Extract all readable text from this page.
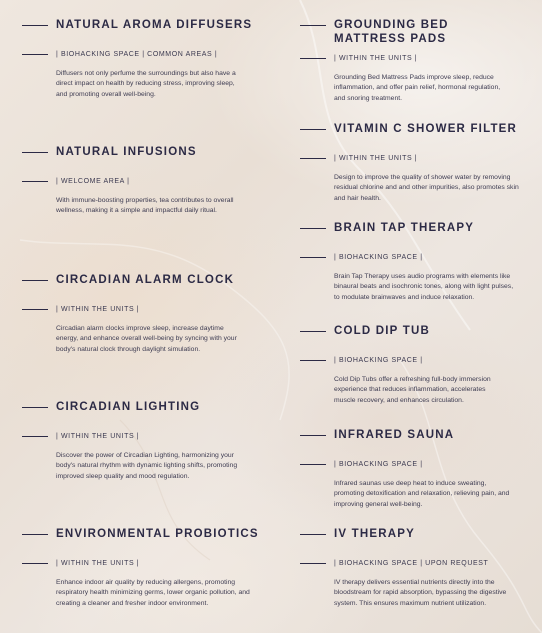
NATURAL AROMA DIFFUSERS
| BIOHACKING SPACE | COMMON AREAS |
Diffusers not only perfume the surroundings but also have a direct impact on health by reducing stress, improving sleep, and promoting overall well-being.
NATURAL INFUSIONS
| WELCOME AREA |
With immune-boosting properties, tea contributes to overall wellness, making it a simple and impactful daily ritual.
CIRCADIAN ALARM CLOCK
| WITHIN THE UNITS |
Circadian alarm clocks improve sleep, increase daytime energy, and enhance overall well-being by syncing with your body's natural clock through daylight simulation.
CIRCADIAN LIGHTING
| WITHIN THE UNITS |
Discover the power of Circadian Lighting, harmonizing your body's natural rhythm with dynamic lighting shifts, promoting improved sleep quality and mood regulation.
ENVIRONMENTAL PROBIOTICS
| WITHIN THE UNITS |
Enhance indoor air quality by reducing allergens, promoting respiratory health minimizing germs, lower organic pollution, and creating a cleaner and fresher indoor environment.
GROUNDING BED
MATTRESS PADS
| WITHIN THE UNITS |
Grounding Bed Mattress Pads improve sleep, reduce inflammation, and offer pain relief, hormonal regulation, and snoring treatment.
VITAMIN C SHOWER FILTER
| WITHIN THE UNITS |
Design to improve the quality of shower water by removing residual chlorine and and other impurities, also promotes skin and hair health.
BRAIN TAP THERAPY
| BIOHACKING SPACE |
Brain Tap Therapy uses audio programs with elements like binaural beats and isochronic tones, along with light pulses, to modulate brainwaves and induce relaxation.
COLD DIP TUB
| BIOHACKING SPACE |
Cold Dip Tubs offer a refreshing full-body immersion experience that reduces inflammation, accelerates muscle recovery, and enhances circulation.
INFRARED SAUNA
| BIOHACKING SPACE |
Infrared saunas use deep heat to induce sweating, promoting detoxification and relaxation, relieving pain, and improving general well-being.
IV THERAPY
| BIOHACKING SPACE | UPON REQUEST
IV therapy delivers essential nutrients directly into the bloodstream for rapid absorption, bypassing the digestive system. This ensures maximum nutrient utilization.
